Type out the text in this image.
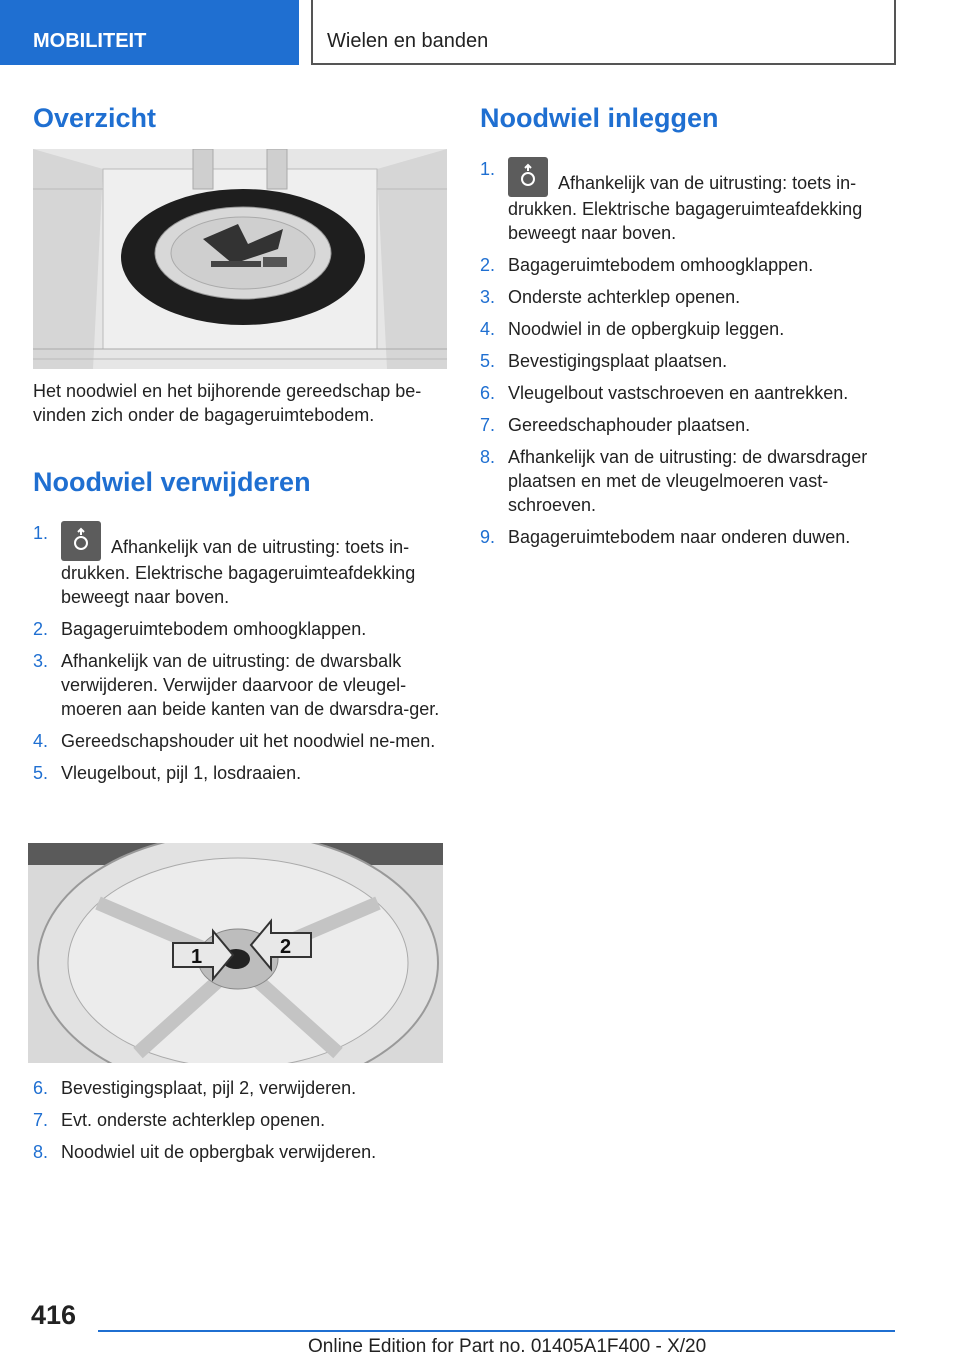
MOBILITEIT	Wielen en banden
Overzicht

Het noodwiel en het bijhorende gereedschap be-vinden zich onder de bagageruimtebodem.

Noodwiel verwijderen
1.
Afhankelijk van de uitrusting: toets in-drukken. Elektrische bagageruimteafdekking beweegt naar boven.
2. Bagageruimtebodem omhoogklappen.
3. Afhankelijk van de uitrusting: de dwarsbalk verwijderen. Verwijder daarvoor de vleugel-moeren aan beide kanten van de dwarsdra-ger.
4. Gereedschapshouder uit het noodwiel ne-men.
5. Vleugelbout, pijl 1, losdraaien.
1	2
6. Bevestigingsplaat, pijl 2, verwijderen.
7. Evt. onderste achterklep openen.
8. Noodwiel uit de opbergbak verwijderen.
Noodwiel inleggen
1.
Afhankelijk van de uitrusting: toets in-drukken. Elektrische bagageruimteafdekking beweegt naar boven.
2. Bagageruimtebodem omhoogklappen.
3. Onderste achterklep openen.
4. Noodwiel in de opbergkuip leggen.
5. Bevestigingsplaat plaatsen.
6. Vleugelbout vastschroeven en aantrekken.
7. Gereedschaphouder plaatsen.
8. Afhankelijk van de uitrusting: de dwarsdrager plaatsen en met de vleugelmoeren vast-schroeven.
9. Bagageruimtebodem naar onderen duwen.
416
Online Edition for Part no. 01405A1F400 - X/20
